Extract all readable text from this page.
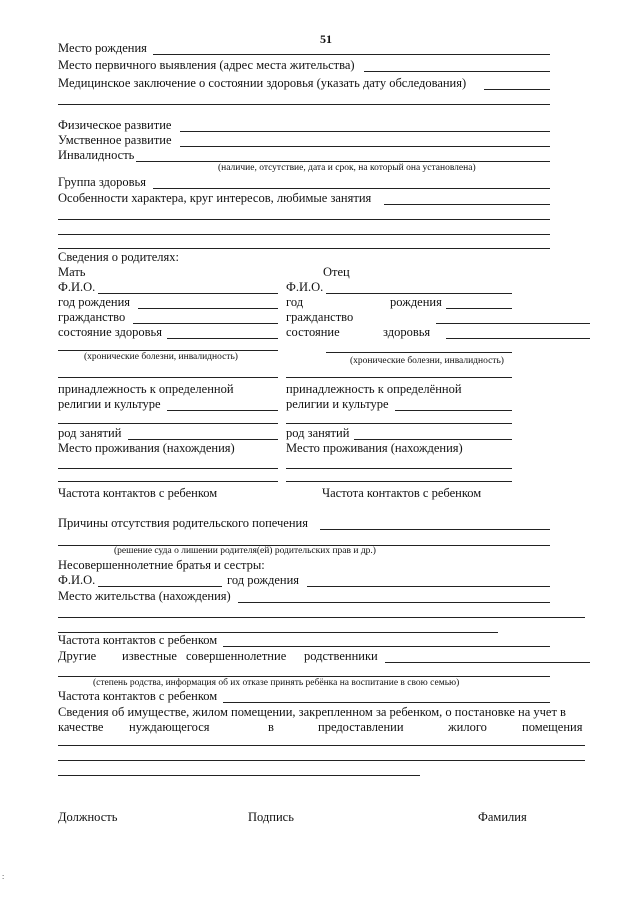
51
Место рождения
Место первичного выявления (адрес места жительства)
Медицинское заключение о состоянии здоровья (указать дату обследования)
Физическое развитие
Умственное развитие
Инвалидность
(наличие, отсутствие, дата и срок, на который она установлена)
Группа здоровья
Особенности характера, круг интересов, любимые занятия
Сведения о родителях:
Мать	Отец
Ф.И.О.	Ф.И.О.
год рождения	год	рождения
гражданство	гражданство
состояние здоровья	состояние	здоровья
(хронические болезни, инвалидность)	(хронические болезни, инвалидность)
принадлежность к определенной	принадлежность к определённой
религии и культуре	религии и культуре
род занятий	род занятий
Место проживания (нахождения)	Место проживания (нахождения)
Частота контактов с ребенком	Частота контактов с ребенком
Причины отсутствия родительского попечения
(решение суда о лишении родителя(ей) родительских прав и др.)
Несовершеннолетние братья и сестры:
Ф.И.О.	год рождения
Место жительства (нахождения)
Частота контактов с ребенком
Другие известные совершеннолетние родственники
(степень родства, информация об их отказе принять ребёнка на воспитание в свою семью)
Частота контактов с ребенком
Сведения об имуществе, жилом помещении, закрепленном за ребенком, о постановке на учет в
качестве нуждающегося	в	предоставлении	жилого	помещения
Должность	Подпись	Фамилия
:
